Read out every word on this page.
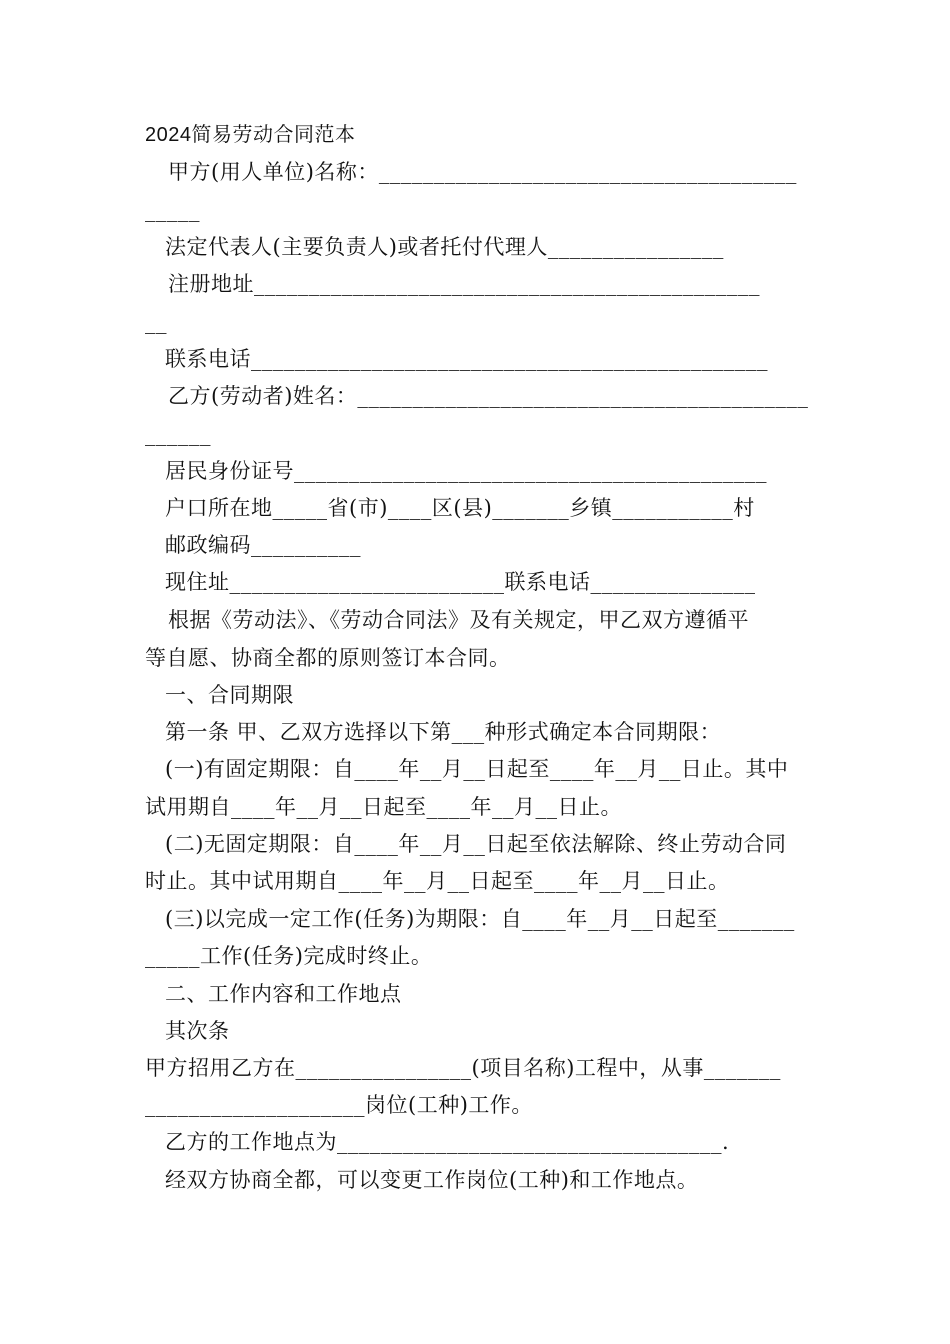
2024简易劳动合同范本
甲方(用人单位)名称：______________________________________
_____
法定代表人(主要负责人)或者托付代理人________________
注册地址______________________________________________
__
联系电话_______________________________________________
乙方(劳动者)姓名：_________________________________________
______
居民身份证号___________________________________________
户口所在地_____省(市)____区(县)_______乡镇___________村
邮政编码__________
现住址_________________________联系电话_______________
根据《劳动法》、《劳动合同法》及有关规定，甲乙双方遵循平
等自愿、协商全都的原则签订本合同。
一、合同期限
第一条 甲、乙双方选择以下第___种形式确定本合同期限：
(一)有固定期限：自____年__月__日起至____年__月__日止。其中
试用期自____年__月__日起至____年__月__日止。
(二)无固定期限：自____年__月__日起至依法解除、终止劳动合同
时止。其中试用期自____年__月__日起至____年__月__日止。
(三)以完成一定工作(任务)为期限：自____年__月__日起至_______
_____工作(任务)完成时终止。
二、工作内容和工作地点
其次条
甲方招用乙方在________________(项目名称)工程中，从事_______
____________________岗位(工种)工作。
乙方的工作地点为___________________________________.
经双方协商全都，可以变更工作岗位(工种)和工作地点。
